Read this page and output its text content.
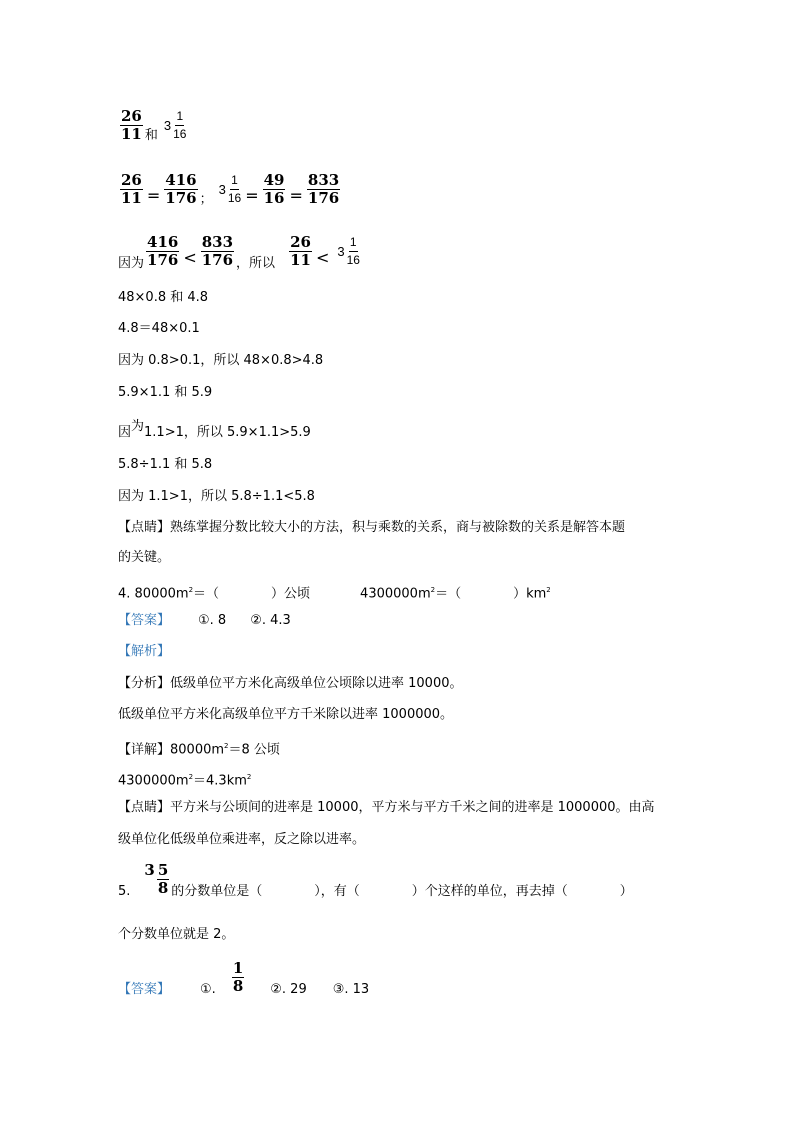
$\frac{26}{11}$ 和$3 \frac{1}{16}$
$\frac{26}{11} = \frac{416}{176}$ ；$3 \frac{1}{16} = \frac{49}{16} = \frac{833}{176}$
因为 $\frac{416}{176} < \frac{833}{176}$ ，所以 $\frac{26}{11} < 3 \frac{1}{16}$
48×0.8 和 4.8
4.8＝48×0.1
因为 0.8>0.1，所以 48×0.8>4.8
5.9×1.1 和 5.9
因为1.1>1，所以 5.9×1.1>5.9
5.8÷1.1 和 5.8
因为 1.1>1，所以 5.8÷1.1<5.8
【点睛】熟练掌握分数比较大小的方法，积与乘数的关系，商与被除数的关系是解答本题
的关键。
4. $80000m^2=$（　　　　）公顷	$4300000m^2=$（　　　　）$km^2$
【答案】 ①. 8 ②. 4.3
【解析】
【分析】低级单位平方米化高级单位公顷除以进率 10000。
低级单位平方米化高级单位平方千米除以进率 1000000。
【详解】$80000m^2=8$ 公顷
$4300000m^2=4.3km^2$
【点睛】平方米与公顷间的进率是 10000，平方米与平方千米之间的进率是 1000000。由高
级单位化低级单位乘进率，反之除以进率。
5.
$3 \frac{5}{8}$ 的分数单位是（　　　　），有（　　　　）个这样的单位，再去掉（　　　　）
个分数单位就是 2。
【答案】 ①. $\frac{1}{8}$ ②. 29 ③. 13
